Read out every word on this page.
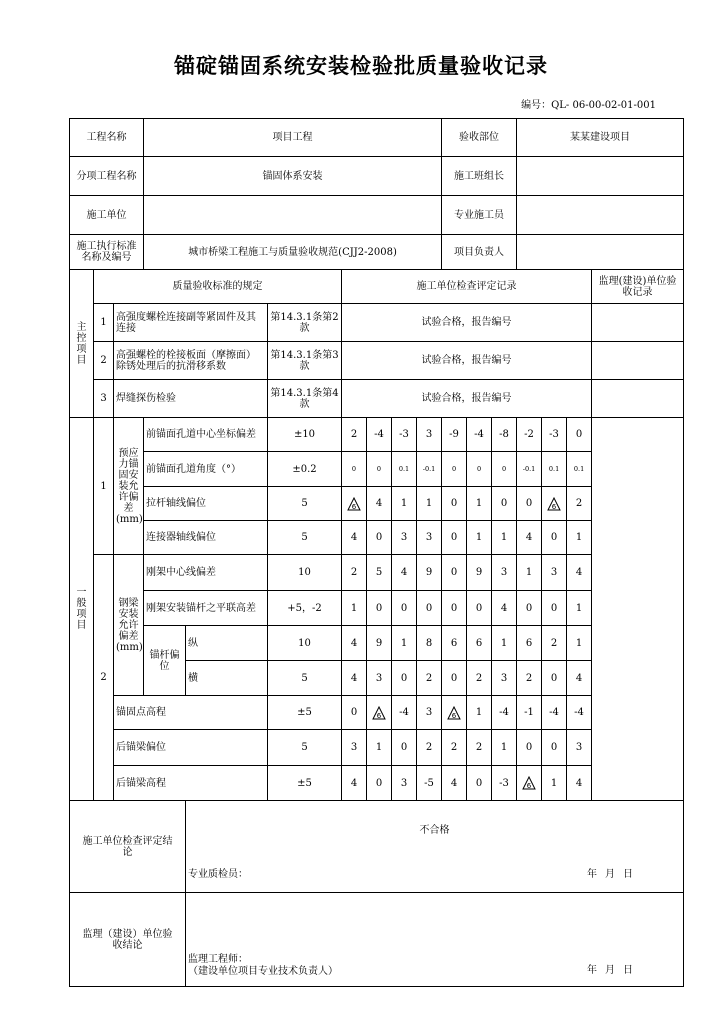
锚碇锚固系统安装检验批质量验收记录
编号：QL- 06-00-02-01-001
工程名称			项目工程							验收部位			某某建设项目			
分项工程名称			锚固体系安装							施工班组长						
施工单位										专业施工员						
施工执行标准名称及编号			城市桥梁工程施工与质量验收规范(CJJ2-2008)							项目负责人						
主控项目	质量验收标准的规定					施工单位检查评定记录										监理(建设)单位验收记录
	1	高强度螺栓连接副等紧固件及其连接			第14.3.1条第2款	试验合格，报告编号										
	2	高强螺栓的栓接板面（摩擦面）除锈处理后的抗滑移系数			第14.3.1条第3款	试验合格，报告编号										
	3	焊缝探伤检验			第14.3.1条第4款	试验合格，报告编号										
一般项目	1	预应力锚固安装允许偏差(mm)	前锚面孔道中心坐标偏差		±10	2	-4	-3	3	-9	-4	-8	-2	-3	0	
			前锚面孔道角度（°）		±0.2	0	0	0.1	-0.1	0	0	0	-0.1	0.1	0.1	
			拉杆轴线偏位		5	6	4	1	1	0	1	0	0	6	2	
			连接器轴线偏位		5	4	0	3	3	0	1	1	4	0	1	
	2	钢梁安装允许偏差(mm)	刚架中心线偏差		10	2	5	4	9	0	9	3	1	3	4	
			刚架安装锚杆之平联高差		+5，-2	1	0	0	0	0	0	4	0	0	1	
			锚杆偏位	纵	10	4	9	1	8	6	6	1	6	2	1	
				横	5	4	3	0	2	0	2	3	2	0	4	
		锚固点高程			±5	0	6	-4	3	6	1	-4	-1	-4	-4	
		后锚梁偏位			5	3	1	0	2	2	2	1	0	0	3	
		后锚梁高程			±5	4	0	3	-5	4	0	-3	6	1	4	
施工单位检查评定结论				不合格
专业质检员： 年月日												

监理（建设）单位验收结论				监理工程师：
（建设单位项目专业技术负责人） 年月日												
